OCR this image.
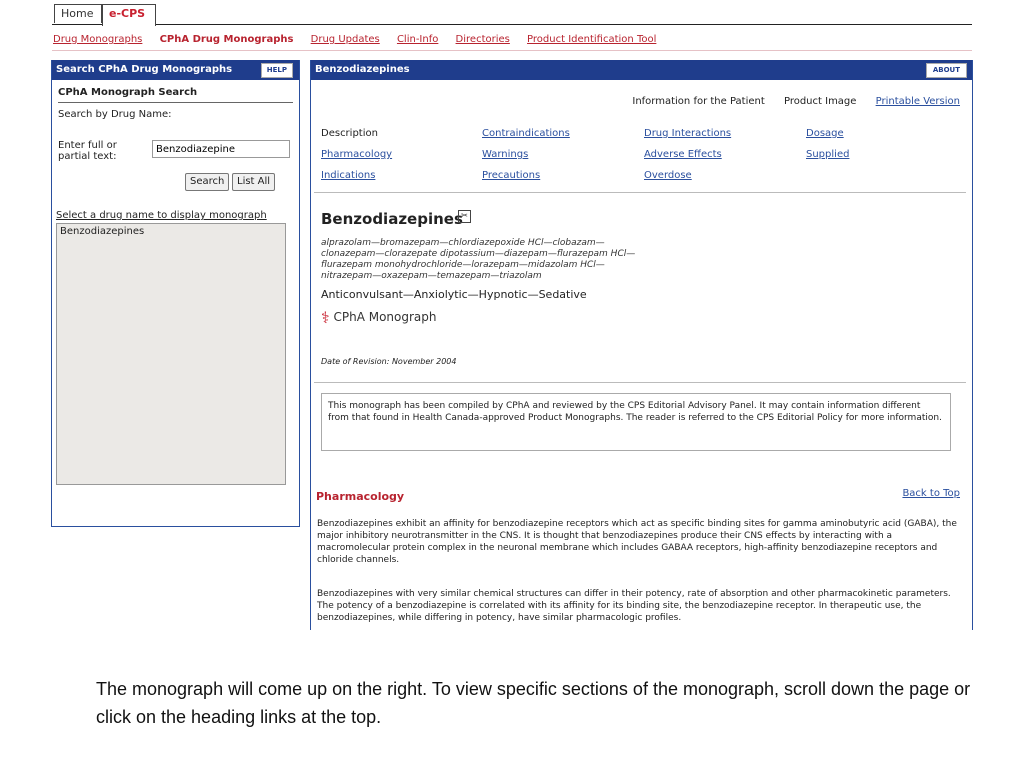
Home	e-CPS
Drug Monographs CPhA Drug Monographs Drug Updates Clin-Info Directories Product Identification Tool
Search CPhA Drug Monographs	HELP
CPhA Monograph Search
Search by Drug Name:
Enter full or partial text:
Benzodiazepine
Search	List All
Select a drug name to display monograph
Benzodiazepines
Benzodiazepines	ABOUT
Information for the Patient Product Image Printable Version
Description	Contraindications	Drug Interactions	Dosage
Pharmacology	Warnings	Adverse Effects	Supplied
Indications	Precautions	Overdose
Benzodiazepines
✂
alprazolam—bromazepam—chlordiazepoxide HCl—clobazam—clonazepam—clorazepate dipotassium—diazepam—flurazepam HCl—flurazepam monohydrochloride—lorazepam—midazolam HCl—nitrazepam—oxazepam—temazepam—triazolam
Anticonvulsant—Anxiolytic—Hypnotic—Sedative
⚕ CPhA Monograph
Date of Revision: November 2004
This monograph has been compiled by CPhA and reviewed by the CPS Editorial Advisory Panel. It may contain information different from that found in Health Canada-approved Product Monographs. The reader is referred to the CPS Editorial Policy for more information.
Pharmacology	Back to Top
Benzodiazepines exhibit an affinity for benzodiazepine receptors which act as specific binding sites for gamma aminobutyric acid (GABA), the major inhibitory neurotransmitter in the CNS. It is thought that benzodiazepines produce their CNS effects by interacting with a macromolecular protein complex in the neuronal membrane which includes GABAA receptors, high-affinity benzodiazepine receptors and chloride channels.
Benzodiazepines with very similar chemical structures can differ in their potency, rate of absorption and other pharmacokinetic parameters. The potency of a benzodiazepine is correlated with its affinity for its binding site, the benzodiazepine receptor. In therapeutic use, the benzodiazepines, while differing in potency, have similar pharmacologic profiles.
The monograph will come up on the right. To view specific sections of the monograph, scroll down the page or click on the heading links at the top.
